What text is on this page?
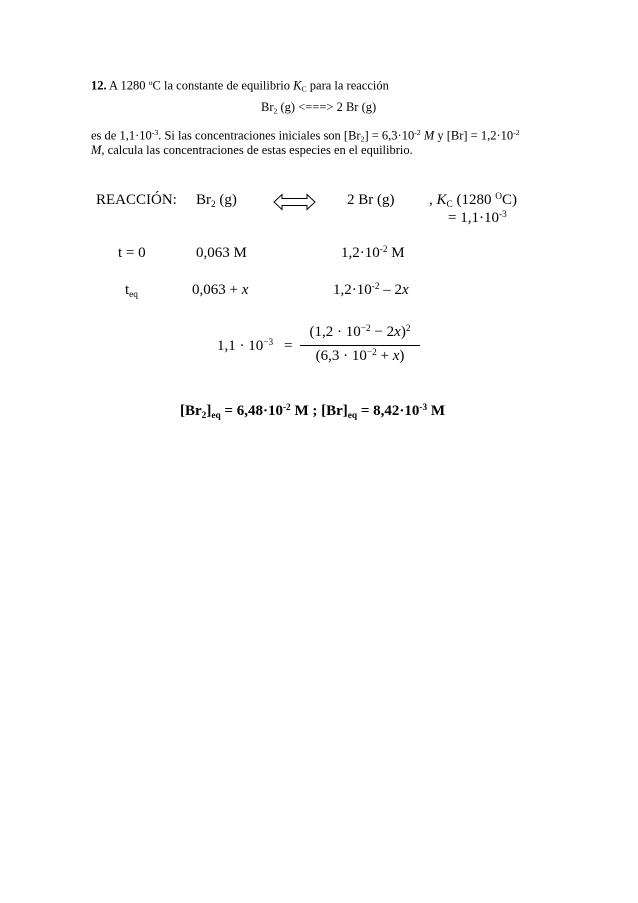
12. A 1280 $^o$C la constante de equilibrio $K_C$ para la reacción
$Br_2$ (g) <===> 2 Br (g)
es de $1,1\cdot 10^{-3}$. Si las concentraciones iniciales son $[Br_2] = 6,3\cdot 10^{-2}$ M y $[Br] = 1,2\cdot 10^{-2}$
M, calcula las concentraciones de estas especies en el equilibrio.
REACCIÓN: $Br_2$ (g)	2 Br (g) , $K_C$ (1280 $^O$C)
= $1,1\cdot 10^{-3}$
t = 0	0,063 M	$1,2\cdot 10^{-2}$ M
$t_{eq}$	0,063 + x	$1,2\cdot 10^{-2} - 2x$
$1,1 \cdot 10^{-3}$ =
$(1,2 \cdot 10^{-2} - 2x)^2$
$(6,3 \cdot 10^{-2} + x)$
$[Br_2]_{eq} = 6,48\cdot 10^{-2}$ M ; $[Br]_{eq} = 8,42\cdot 10^{-3}$ M
